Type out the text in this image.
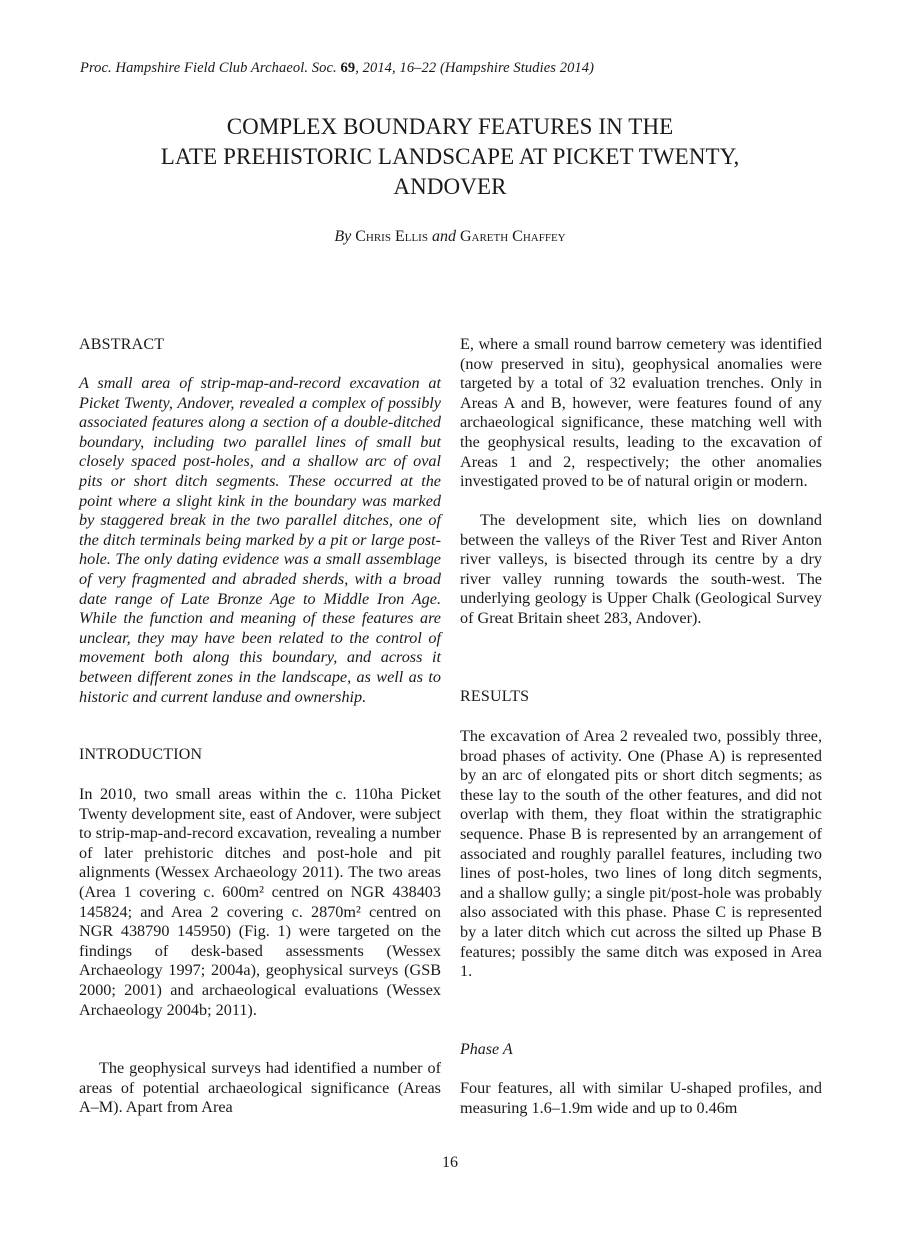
Proc. Hampshire Field Club Archaeol. Soc. 69, 2014, 16–22 (Hampshire Studies 2014)
COMPLEX BOUNDARY FEATURES IN THE
LATE PREHISTORIC LANDSCAPE AT PICKET TWENTY,
ANDOVER
By Chris Ellis and Gareth Chaffey
ABSTRACT
A small area of strip-map-and-record excavation at Picket Twenty, Andover, revealed a complex of possibly associated features along a section of a double-ditched boundary, including two parallel lines of small but closely spaced post-holes, and a shallow arc of oval pits or short ditch segments. These occurred at the point where a slight kink in the boundary was marked by staggered break in the two parallel ditches, one of the ditch terminals being marked by a pit or large post-hole. The only dating evidence was a small assemblage of very fragmented and abraded sherds, with a broad date range of Late Bronze Age to Middle Iron Age. While the function and meaning of these features are unclear, they may have been related to the control of movement both along this boundary, and across it between different zones in the landscape, as well as to historic and current landuse and ownership.
INTRODUCTION
In 2010, two small areas within the c. 110ha Picket Twenty development site, east of Andover, were subject to strip-map-and-record excavation, revealing a number of later prehistoric ditches and post-hole and pit alignments (Wessex Archaeology 2011). The two areas (Area 1 covering c. 600m² centred on NGR 438403 145824; and Area 2 covering c. 2870m² centred on NGR 438790 145950) (Fig. 1) were targeted on the findings of desk-based assessments (Wessex Archaeology 1997; 2004a), geophysical surveys (GSB 2000; 2001) and archaeological evaluations (Wessex Archaeology 2004b; 2011).
The geophysical surveys had identified a number of areas of potential archaeological significance (Areas A–M). Apart from Area
E, where a small round barrow cemetery was identified (now preserved in situ), geophysical anomalies were targeted by a total of 32 evaluation trenches. Only in Areas A and B, however, were features found of any archaeological significance, these matching well with the geophysical results, leading to the excavation of Areas 1 and 2, respectively; the other anomalies investigated proved to be of natural origin or modern.
The development site, which lies on downland between the valleys of the River Test and River Anton river valleys, is bisected through its centre by a dry river valley running towards the south-west. The underlying geology is Upper Chalk (Geological Survey of Great Britain sheet 283, Andover).
RESULTS
The excavation of Area 2 revealed two, possibly three, broad phases of activity. One (Phase A) is represented by an arc of elongated pits or short ditch segments; as these lay to the south of the other features, and did not overlap with them, they float within the stratigraphic sequence. Phase B is represented by an arrangement of associated and roughly parallel features, including two lines of post-holes, two lines of long ditch segments, and a shallow gully; a single pit/post-hole was probably also associated with this phase. Phase C is represented by a later ditch which cut across the silted up Phase B features; possibly the same ditch was exposed in Area 1.
Phase A
Four features, all with similar U-shaped profiles, and measuring 1.6–1.9m wide and up to 0.46m
16
